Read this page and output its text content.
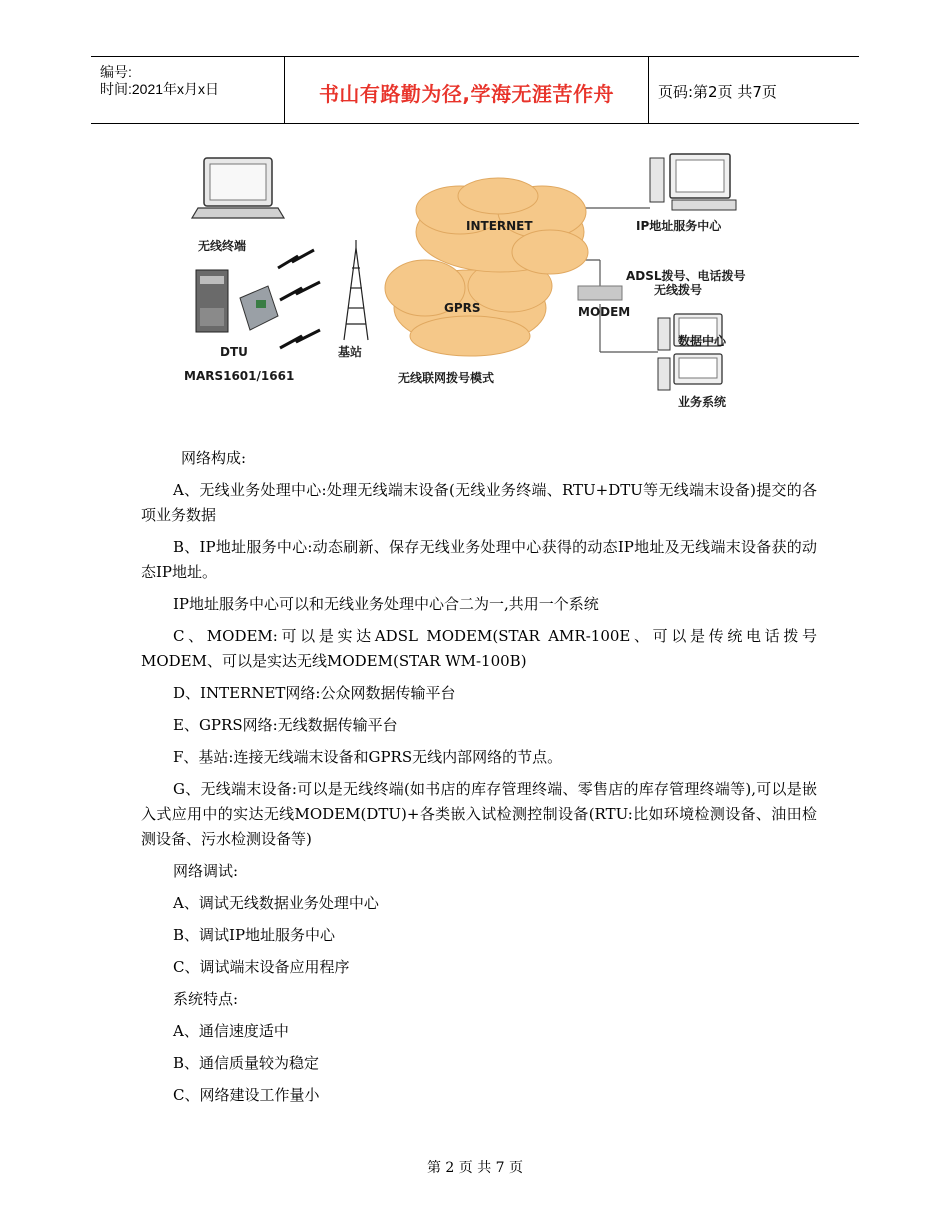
编号:
时间:2021年x月x日	书山有路勤为径,学海无涯苦作舟	页码:第2页 共7页
无线终端
DTU
MARS1601/1661
基站
INTERNET
GPRS
无线联网拨号模式
MODEM
IP地址服务中心
ADSL拨号、电话拨号
无线拨号
数据中心
业务系统

网络构成:

A、无线业务处理中心:处理无线端末设备(无线业务终端、RTU+DTU等无线端末设备)提交的各项业务数据

B、IP地址服务中心:动态刷新、保存无线业务处理中心获得的动态IP地址及无线端末设备获的动态IP地址。

IP地址服务中心可以和无线业务处理中心合二为一,共用一个系统

C、MODEM:可以是实达ADSL MODEM(STAR AMR-100E、可以是传统电话拨号MODEM、可以是实达无线MODEM(STAR WM-100B)

D、INTERNET网络:公众网数据传输平台

E、GPRS网络:无线数据传输平台

F、基站:连接无线端末设备和GPRS无线内部网络的节点。

G、无线端末设备:可以是无线终端(如书店的库存管理终端、零售店的库存管理终端等),可以是嵌入式应用中的实达无线MODEM(DTU)+各类嵌入试检测控制设备(RTU:比如环境检测设备、油田检测设备、污水检测设备等)

网络调试:

A、调试无线数据业务处理中心

B、调试IP地址服务中心

C、调试端末设备应用程序

系统特点:

A、通信速度适中

B、通信质量较为稳定

C、网络建设工作量小

第 2 页 共 7 页
